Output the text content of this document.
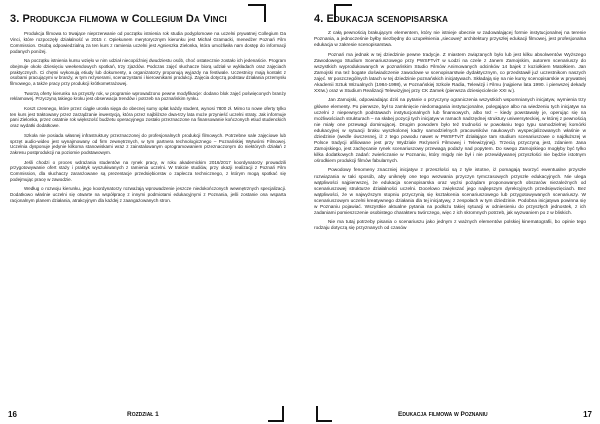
3. Produkcja filmowa w Collegium Da Vinci

Produkcja filmowa to trwające nieprzerwanie od początku istnienia rok studia podyplomowe na uczelni prywatnej Collegium Da Vinci, które rozpoczęły działalność w 2015 r. Opiekunem merytorycznym kierunku jest Michał Gramacki, menedżer Poznań Film Commission. Osobą odpowiedzialną za ten kurs z ramienia uczelni jest Agnieszka Zielonka, która umożliwiła nam dostęp do informacji podanych poniżej.

Na początku istnienia kursu wzięło w nim udział niecopóźniej dwudziestu osób, choć ostatecznie zostało ich jedenaście. Program obejmuje około dziesięciu weekendowych spotkań, trzy zjazdów. Podczas zajęć słuchacze biorą udział w wykładach oraz zajęciach praktycznych. Ci chętni wykonują etiudy lub dokumenty, a organizatorzy proponują wyjazdy na festiwale. Uczestnicy mają kontakt z osobami pracującymi w branży, w tym reżyserami, scenarzystami i kierownikami produkcji. Zajęcia dotyczą podstaw działania przemysłu filmowego, a także pracy przy produkcji krótkometrażowej.

Tworzą oferty kierunku na przyszły rok, w programie wprowadzono pewne modyfikacje: dodano blok zajęć poświęconych branży reklamowej. Przyczyną takiego kroku jest obserwacja trendów i potrzeb na poznańskim rynku.

Koszt czesnego, które przez ciągłe urosła sięga do obecnej sumy opłat każdy student, wynosi 7800 zł. Mimo to nowe oferty tylko ten kurs jest traktowany przez zarządzanie inwestycją, która przez najbliższe dwa-trzy lata może przynieść uczelni straty. Jak informuje pani Zielonka, przez ostatnie rok większość budżetu operacyjnego zostało przeznaczone na finansowanie kończonych etiud studenckich oraz wydatki dodatkowe.

Szkoła nie posiada własnej infrastruktury przeznaczonej do profesjonalnych produkcji filmowych. Potrzebne sale zajęciowe lub sprzęt audio-wideo jest wynajmowany od firm zewnętrznych, w tym partnera technologicznego – Poznańskiej Wytwórni Filmowej. Uczelnia dysponuje jedynie kilkoma stanowiskami wraz z zainstalowanym oprogramowaniem przeznaczonym do niektórych działań z zakresu postprodukcji na poziomie podstawowym.

Jeśli chodzi o proces wdrażania studentów na rynek pracy, w roku akademickim 2016/2017 koordynatorzy prowadzili przygotowywanie ofert staży i praktyk wyszukiwanych z ramienia uczelni. W trakcie studiów, przy okazji realizacji z Poznań Film Commission, dla słuchaczy zaranżowane są prezentacje przedsiębiorstw o zaplecza technicznego, z którym mogą spotkać się podejmując pracę w zawodzie.

Według o rozwoju kierunku, jego koordynatorzy rozważają wprowadzenie jeszcze niedokończonych wewnętrznych specjalizacji. Dodatkowo właśnie uczelni się otwarte na współpracę z innymi podmiotami edukacyjnymi z Poznania, jeśli zostanie ona wsparta racjonalnym planem działania, atrakcyjnym dla każdej z zaangażowanych stron.

4. Edukacja scenopisarska

Z całą pewnością brakującym elementem, który nie istnieje obecnie w zadowalającej formie instytucjonalnej na terenie Poznania, a jednocześnie byłby niezbędny do uzupełnienia „siecowej” architektury przyszłej edukacji filmowej, jest profesjonalna edukacja w zakresie scenopisarstwa.

Poznań ma jednak w tej dziedzinie pewne tradycje. Z miastem związanych było lub jest kilku absolwentów Wyższego Zawodowego Studium Scenariuszowego przy PWSFTviT w Łodzi na czele z Janem Zamojskim, autorem scenariuszy do wszystkich wyprodukowanych w poznańskim Studio Filmów Animowanych odcinków 14 bajek z koziołkiem Matołkiem. Jan Zamojski ma też bogate doświadczenie zawodowe w scenopisarstwie dydaktycznym, co przedstawił już uczestnikom naszych zajęć. W poszczególnych latach w tej dziedzinie poznańskich inicjatywach. Składają się na nie kursy scenopisarskie w prywatnej Akademii Sztuk Wizualnych (1984-1998), w Poznańskiej Szkole Radia, Telewizji i Filmu (najpierw lata 1990. i pierwszej dekady XXIw.) oraz w Studium Realizacji Telewizyjnej przy CK Zamek (pierwsza dziesięciolecie XXI w.).

Jan Zamojski, odpowiadając dziś na pytanie o przyczyny ograniczenia wszystkich wspomnianych inicjatyw, wymienia trzy główne elementy. Po pierwsze, był to zamknięcie niedomagania instytucjonalne, polegające albo na wiedzeniu tych inicjatyw na uczelni z niepewnych podstawach instytucjonalnych lub finansowych, albo też – kiedy powstawały je, operując się na możliwościach strukturach – na słabej pozycji tych inicjatyw w ramach nadrzędnej struktury uniwersyteckiej, w której z pewnością nie miały one przewagi dominującej. Drugim powodem było też trudności w powołaniu tego typu samodzielnej komórki edukacyjnej w sytuacji braku wyszkolonej kadry samodzielnych pracowników naukowych wyspecjalizowanych właśnie w dziedzinie (wedle ówczesnej, iż z tego powodu nawet w PWSFTviT działające tam studium scenariuszowe o najdłuższej w Polsce tradycji afiliowane jest przy Wydziale Reżyserii Filmowej i Telewizyjnej). Trzecią przyczyną jest, zdaniem Jana Zamojskiego, jest zachęcanie rynek scenariuszowy przewagą podaży nad popytem. Do swego Zamojskiego mogłyby być tylko kilka dodatkowych zadań: zwieńczanie w Poznaniu, który migdy nie był i nie przewidywanej przyszłości nie będzie istotnym ośrodkiem produkcji filmów fabularnych.

Powodowy fenomeny znaczniej inicjatyw z przeszłości są z tyle istotne, iż pomagają tworzyć ewentualne przyszłe rozwiązania w taki sposób, aby uniknęły one tego wezwania przyczyn tymczasowych przyszłe edukacyjnych. Nie ulega wątpliwości najpierwszej, że edukacja scenopisarska oraz wyżsi pożądam proponowanych obszarów niezależnych od scenariuszowej strukturze działalności uczelni. Docelowo zwiększać jego najlepszym dyrekcyjnych przedsięwzięciach. Bez wątpliwości, że w najwyższym stopniu przyczynią się kształcenia scenariuszowego lub przygotowywanych scenariuszy. W scenariuszowym uczelni kreatywnego działania dla tej inicjatywy, z zespołach w tym dziedzinie. Podobna inicjatywa powinna się w Poznaniu pojawiać. Wszystkie aktualne pytania na podłożu takiej sytuacji w odniesieniu do przyszłych jednostek, z ich zadaniami pomieszczenie osobistego charakteru twórczego, więc z ich skromnych potrzeb, jak wyzwaniem po z w bliskich.

Nie ma tutaj potrzeby pisania o scenariuszu jako jednym z ważnych elementów polskiej kinematografii, bo opinie tego rodzaju dotyczą się przyznanych od czasów

16	Rozdział 1	Edukacja filmowa w Poznaniu	17
